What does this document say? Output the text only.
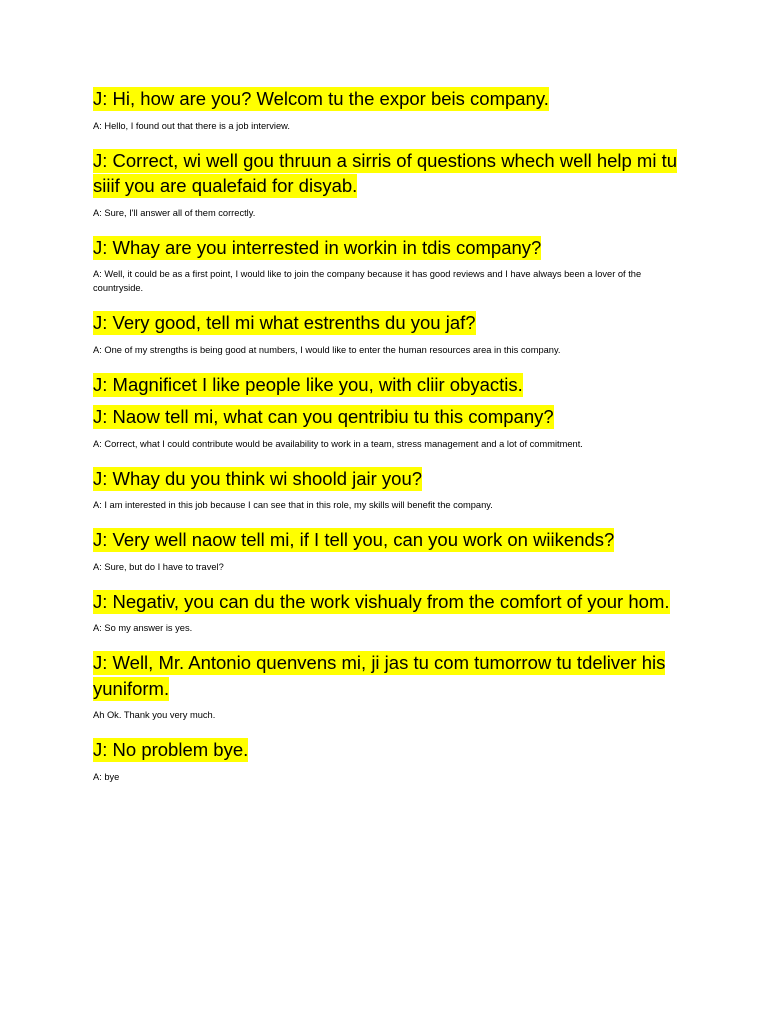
J: Hi, how are you? Welcom tu the expor beis company.

A: Hello, I found out that there is a job interview.

J: Correct, wi well gou thruun a sirris of questions whech well help mi tu siiif you are qualefaid for disyab.

A: Sure, I'll answer all of them correctly.

J: Whay are you interrested in workin in tdis company?

A: Well, it could be as a first point, I would like to join the company because it has good reviews and I have always been a lover of the countryside.

J: Very good, tell mi what estrenths du you jaf?

A: One of my strengths is being good at numbers, I would like to enter the human resources area in this company.

J: Magnificet I like people like you, with cliir obyactis.

J: Naow tell mi, what can you qentribiu tu this company?

A: Correct, what I could contribute would be availability to work in a team, stress management and a lot of commitment.

J: Whay du you think wi shoold jair you?

A: I am interested in this job because I can see that in this role, my skills will benefit the company.

J: Very well naow tell mi, if I tell you, can you work on wiikends?

A: Sure, but do I have to travel?

J: Negativ, you can du the work vishualy from the comfort of your hom.

A: So my answer is yes.

J: Well, Mr. Antonio quenvens mi, ji jas tu com tumorrow tu tdeliver his yuniform.

Ah Ok. Thank you very much.

J: No problem bye.

A: bye
